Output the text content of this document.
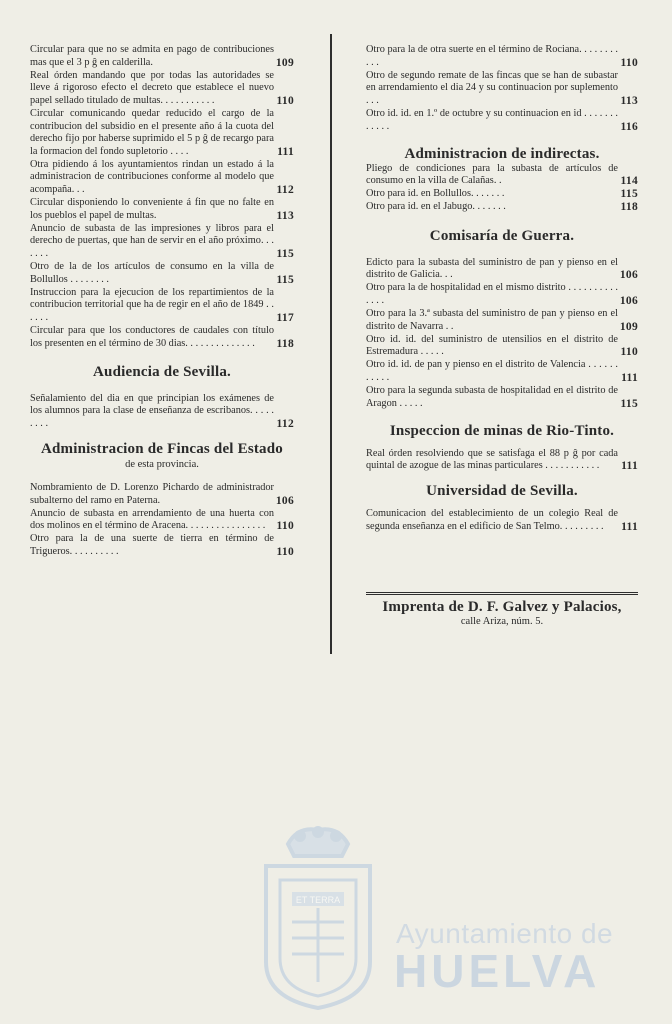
Circular para que no se admita en pago de contribuciones mas que el 3 p ĝ en calderilla.	109
Real órden mandando que por todas las autoridades se lleve á rigoroso efecto el decreto que establece el nuevo papel sellado titulado de multas. . . . . . . . . . .	110
Circular comunicando quedar reducido el cargo de la contribucion del subsidio en el presente año á la cuota del derecho fijo por haberse suprimido el 5 p ĝ de recargo para la formacion del fondo supletorio . . . .	111
Otra pidiendo á los ayuntamientos rindan un estado á la administracion de contribuciones conforme al modelo que acompaña. . .	112
Circular disponiendo lo conveniente á fin que no falte en los pueblos el papel de multas.	113
Anuncio de subasta de las impresiones y libros para el derecho de puertas, que han de servir en el año próximo. . . . . . .	115
Otro de la de los artículos de consumo en la villa de Bollullos . . . . . . . .	115
Instruccion para la ejecucion de los repartimientos de la contribucion territorial que ha de regir en el año de 1849 . . . . . .	117
Circular para que los conductores de caudales con título los presenten en el término de 30 dias. . . . . . . . . . . . . .	118
Audiencia de Sevilla.
Señalamiento del dia en que principian los exámenes de los alumnos para la clase de enseñanza de escribanos. . . . . . . . .	112
Administracion de Fincas del Estado
de esta provincia.
Nombramiento de D. Lorenzo Pichardo de administrador subalterno del ramo en Paterna.	106
Anuncio de subasta en arrendamiento de una huerta con dos molinos en el término de Aracena. . . . . . . . . . . . . . . . 110
Otro para la de una suerte de tierra en término de Trigueros. . . . . . . . . .	110
Otro para la de otra suerte en el término de Rociana. . . . . . . . . . .	110
Otro de segundo remate de las fincas que se han de subastar en arrendamiento el dia 24 y su continuacion por suplemento . . .	113
Otro id. id. en 1.º de octubre y su continuacion en id . . . . . . . . . . . .	116
Administracion de indirectas.
Pliego de condiciones para la subasta de artículos de consumo en la villa de Calañas. .	114
Otro para id. en Bollullos. . . . . . .	115
Otro para id. en el Jabugo. . . . . . .	118
Comisaría de Guerra.
Edicto para la subasta del suministro de pan y pienso en el distrito de Galicia. . .	106
Otro para la de hospitalidad en el mismo distrito . . . . . . . . . . . . . .	106
Otro para la 3.ª subasta del suministro de pan y pienso en el distrito de Navarra . .	109
Otro id. id. del suministro de utensilios en el distrito de Estremadura . . . . .	110
Otro id. id. de pan y pienso en el distrito de Valencia . . . . . . . . . . .	111
Otro para la segunda subasta de hospitalidad en el distrito de Aragon . . . . .	115
Inspeccion de minas de Rio-Tinto.
Real órden resolviendo que se satisfaga el 88 p ĝ por cada quintal de azogue de las minas particulares . . . . . . . . . . .	111
Universidad de Sevilla.
Comunicacion del establecimiento de un colegio Real de segunda enseñanza en el edificio de San Telmo. . . . . . . . .	111
Imprenta de D. F. Galvez y Palacios,
calle Ariza, núm. 5.
ET TERRA
Ayuntamiento de
HUELVA
